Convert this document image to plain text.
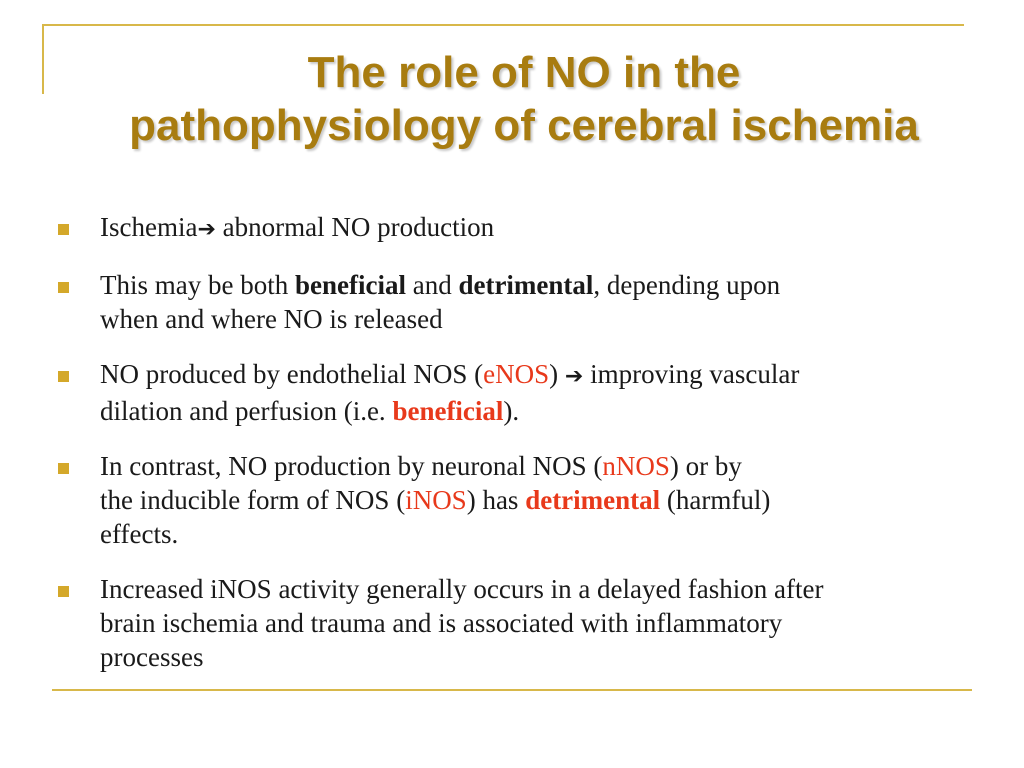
The role of NO in the
pathophysiology of cerebral ischemia
Ischemia➔ abnormal NO production
This may be both beneficial and detrimental, depending upon
when and where NO is released
NO produced by endothelial NOS (eNOS) ➔ improving vascular
dilation and perfusion (i.e. beneficial).
In contrast, NO production by neuronal NOS (nNOS) or by
the inducible form of NOS (iNOS) has detrimental (harmful)
effects.
Increased iNOS activity generally occurs in a delayed fashion after
brain ischemia and trauma and is associated with inflammatory
processes
